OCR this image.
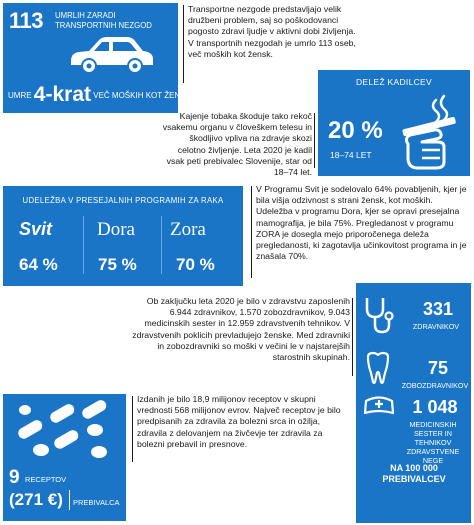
113 UMRLIH ZARADI TRANSPORTNIH NEZGOD
UMRE 4-krat VEČ MOŠKIH KOT ŽENSK
Transportne nezgode predstavljajo velik družbeni problem, saj so poškodovanci pogosto zdravi ljudje v aktivni dobi življenja. V transportnih nezgodah je umrlo 113 oseb, več moških kot žensk.
DELEŽ KADILCEV
20 %
18–74 LET
Kajenje tobaka škoduje tako rekoč vsakemu organu v človeškem telesu in škodljivo vpliva na zdravje skozi celotno življenje. Leta 2020 je kadil vsak peti prebivalec Slovenije, star od 18–74 let.
UDELEŽBA V PRESEJALNIH PROGRAMIH ZA RAKA
Svit Dora Zora
64 % 75 % 70 %
V Programu Svit je sodelovalo 64% povabljenih, kjer je bila višja odzivnost s strani žensk, kot moških. Udeležba v programu Dora, kjer se opravi presejalna mamografija, je bila 75%. Pregledanost v programu ZORA je dosegla mejo priporočenega deleža pregledanosti, ki zagotavlja učinkovitost programa in je znašala 70%.
Ob zaključku leta 2020 je bilo v zdravstvu zaposlenih 6.944 zdravnikov, 1.570 zobozdravnikov, 9.043 medicinskih sester in 12.959 zdravstvenih tehnikov. V zdravstvenih poklicih prevladujejo ženske. Med zdravniki in zobozdravniki so moški v večini le v najstarejših starostnih skupinah.
331
ZDRAVNIKOV
75
ZOBOZDRAVNIKOV
1 048
MEDICINSKIH SESTER IN TEHNIKOV ZDRAVSTVENE NEGE
NA 100 000 PREBIVALCEV
9 RECEPTOV
(271 €) PREBIVALCA
Izdanih je bilo 18,9 milijonov receptov v skupni vrednosti 568 milijonov evrov. Največ receptov je bilo predpisanih za zdravila za bolezni srca in ožilja, zdravila z delovanjem na živčevje ter zdravila za bolezni prebavil in presnove.
